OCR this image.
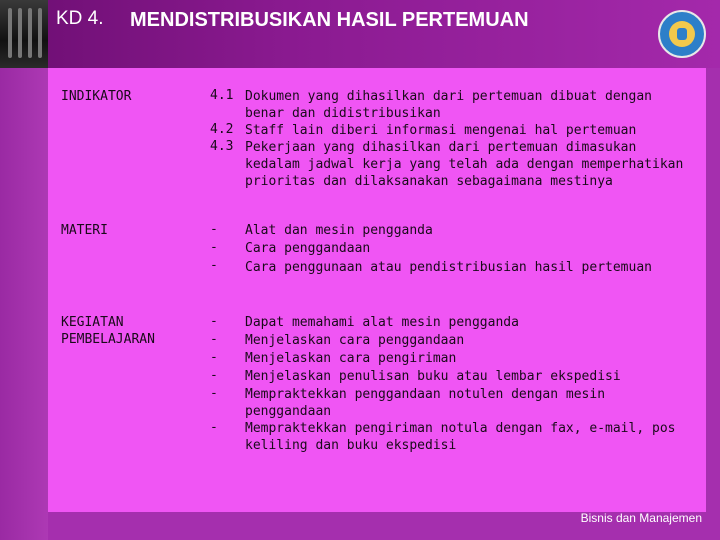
KD 4. MENDISTRIBUSIKAN HASIL PERTEMUAN
INDIKATOR	4.1 Dokumen yang dihasilkan dari pertemuan dibuat dengan benar dan didistribusikan
4.2 Staff lain diberi informasi mengenai hal pertemuan
4.3 Pekerjaan yang dihasilkan dari pertemuan dimasukan kedalam jadwal kerja yang telah ada dengan memperhatikan prioritas dan dilaksanakan sebagaimana mestinya
MATERI	- Alat dan mesin pengganda
- Cara penggandaan
- Cara penggunaan atau pendistribusian hasil pertemuan
KEGIATAN PEMBELAJARAN
- Dapat memahami alat mesin pengganda
- Menjelaskan cara penggandaan
- Menjelaskan cara pengiriman
- Menjelaskan penulisan buku atau lembar ekspedisi
- Mempraktekkan penggandaan notulen dengan mesin penggandaan
- Mempraktekkan pengiriman notula dengan fax, e-mail, pos keliling dan buku ekspedisi
Bisnis dan Manajemen
